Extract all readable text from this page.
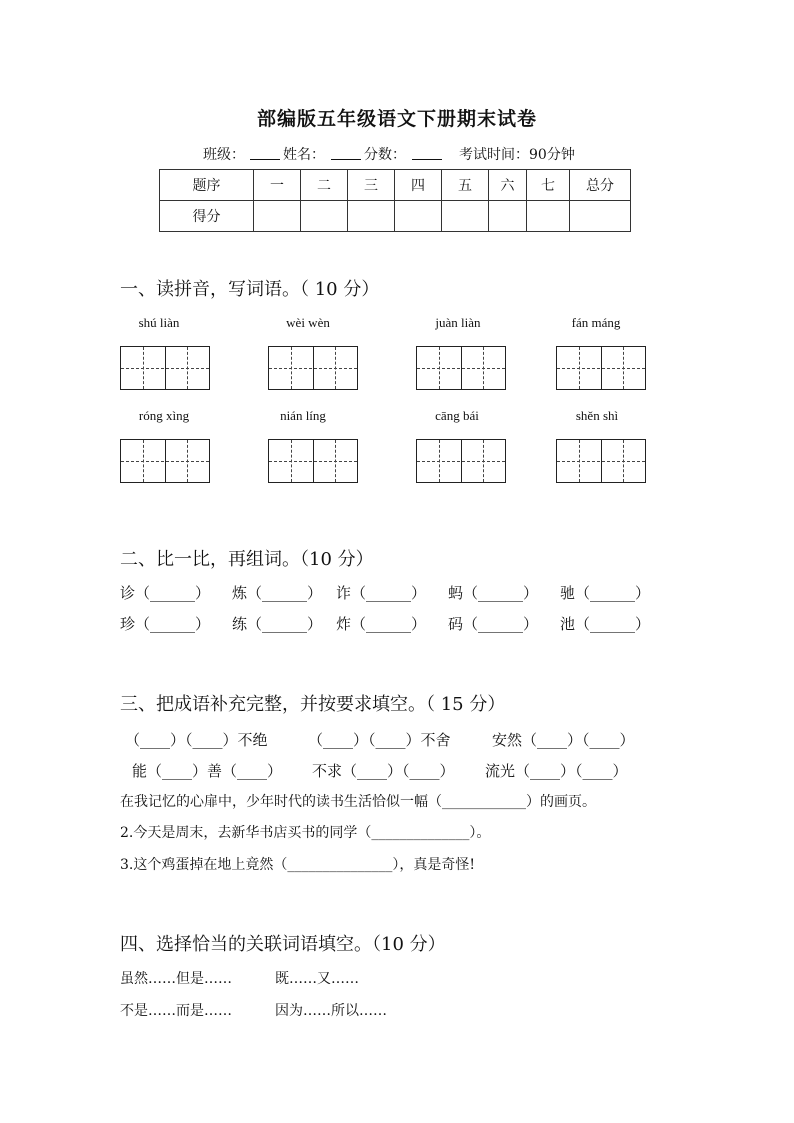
部编版五年级语文下册期末试卷
班级：	姓名：	分数：	考试时间：90分钟
题序	一	二	三	四	五	六	七	总分
得分								
一、读拼音，写词语。（ 10 分）
shú liàn	wèi wèn	juàn liàn	fán máng
róng xìng	nián líng	cāng bái	shěn shì
二、比一比，再组词。（10 分）
诊（______） 炼（______） 诈（______） 蚂（______） 驰（______）
珍（______） 练（______） 炸（______） 码（______） 池（______）
三、把成语补充完整，并按要求填空。（ 15 分）
（____）（____）不绝	（____）（____）不舍	安然（____）（____）
能（____）善（____） 不求（____）（____） 流光（____）（____）
在我记忆的心扉中，少年时代的读书生活恰似一幅（____________）的画页。
2.今天是周末，去新华书店买书的同学（______________）。
3.这个鸡蛋掉在地上竟然（_______________），真是奇怪!
四、选择恰当的关联词语填空。（10 分）
虽然……但是……	既……又……
不是……而是……	因为……所以……
